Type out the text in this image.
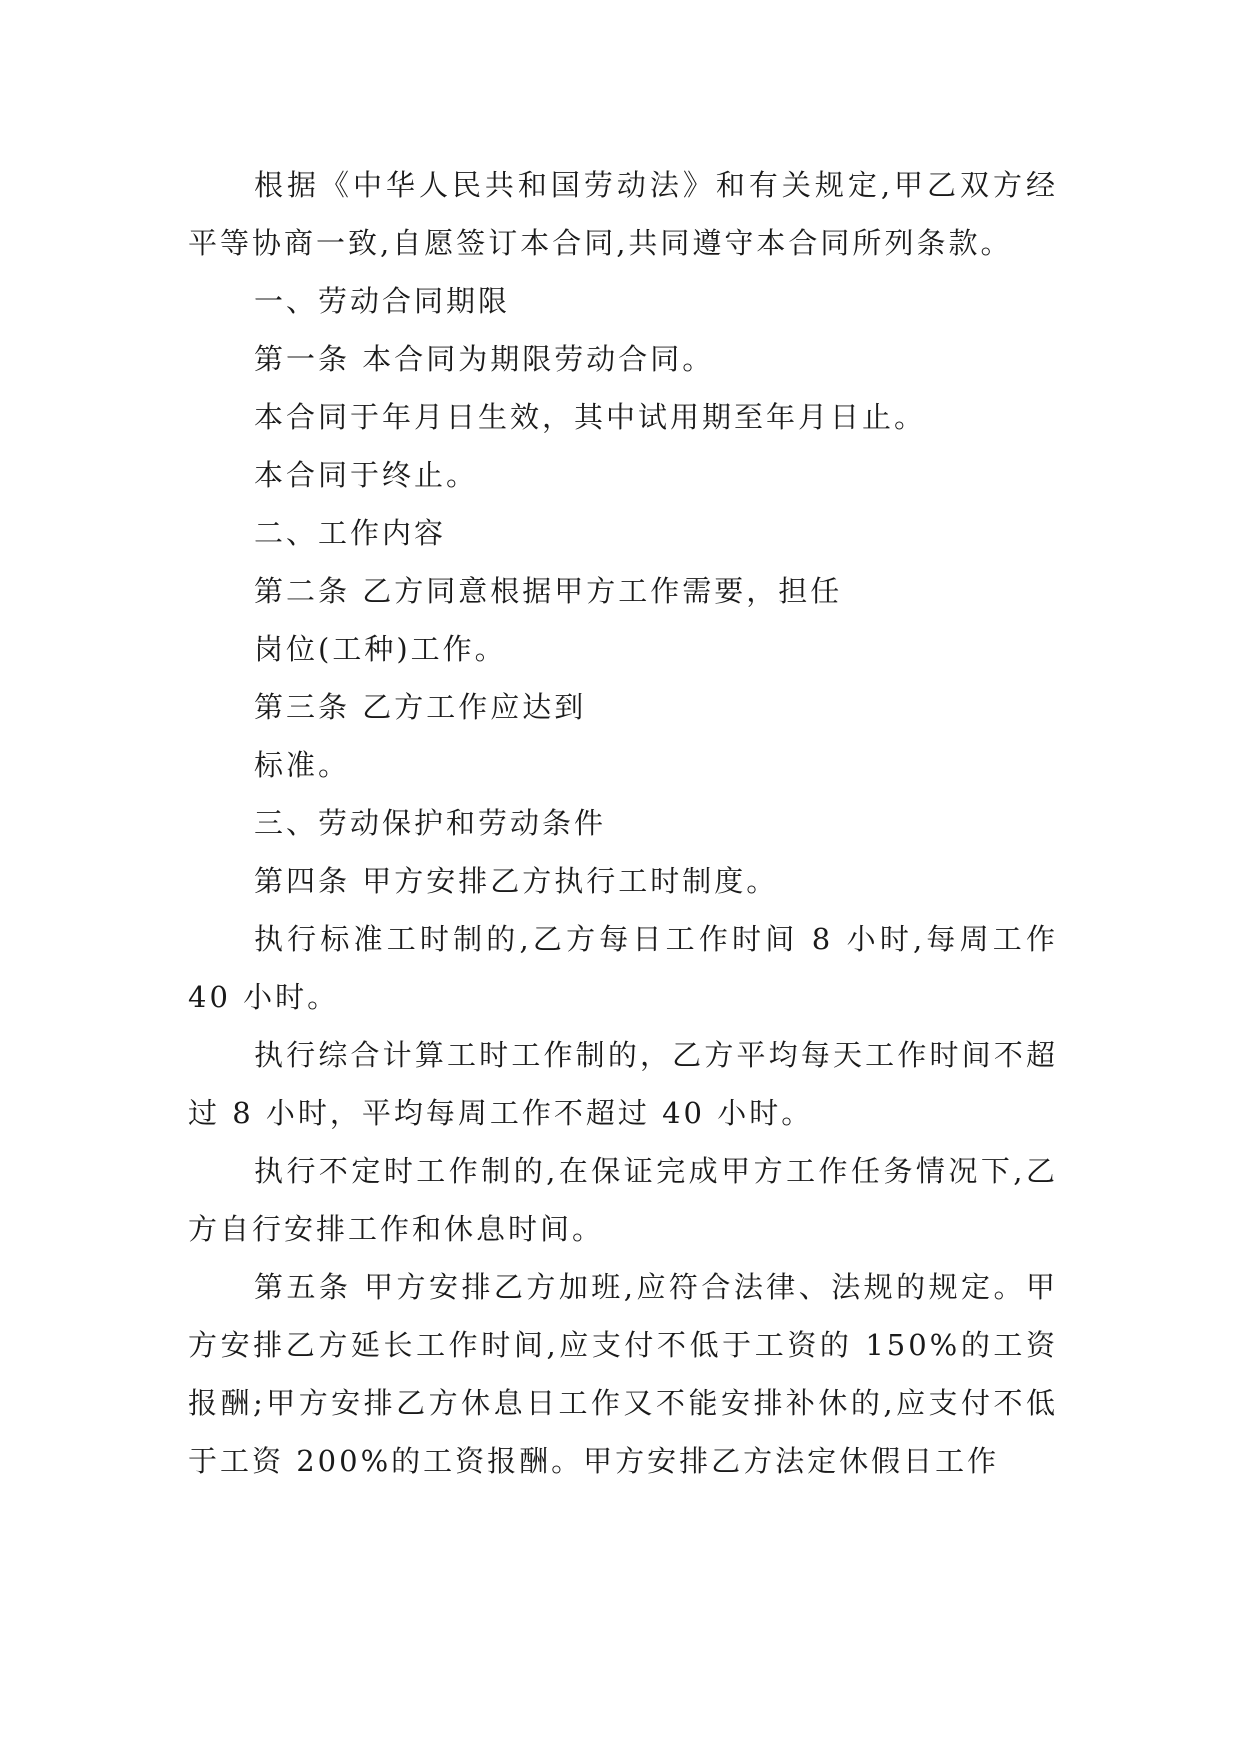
根据《中华人民共和国劳动法》和有关规定,甲乙双方经平等协商一致,自愿签订本合同,共同遵守本合同所列条款。

一、劳动合同期限

第一条 本合同为期限劳动合同。

本合同于年月日生效，其中试用期至年月日止。

本合同于终止。

二、工作内容

第二条 乙方同意根据甲方工作需要，担任

岗位(工种)工作。

第三条 乙方工作应达到

标准。

三、劳动保护和劳动条件

第四条 甲方安排乙方执行工时制度。

执行标准工时制的,乙方每日工作时间 8 小时,每周工作 40 小时。

执行综合计算工时工作制的，乙方平均每天工作时间不超过 8 小时，平均每周工作不超过 40 小时。

执行不定时工作制的,在保证完成甲方工作任务情况下,乙方自行安排工作和休息时间。

第五条 甲方安排乙方加班,应符合法律、法规的规定。甲方安排乙方延长工作时间,应支付不低于工资的 150%的工资报酬;甲方安排乙方休息日工作又不能安排补休的,应支付不低于工资 200%的工资报酬。甲方安排乙方法定休假日工作
